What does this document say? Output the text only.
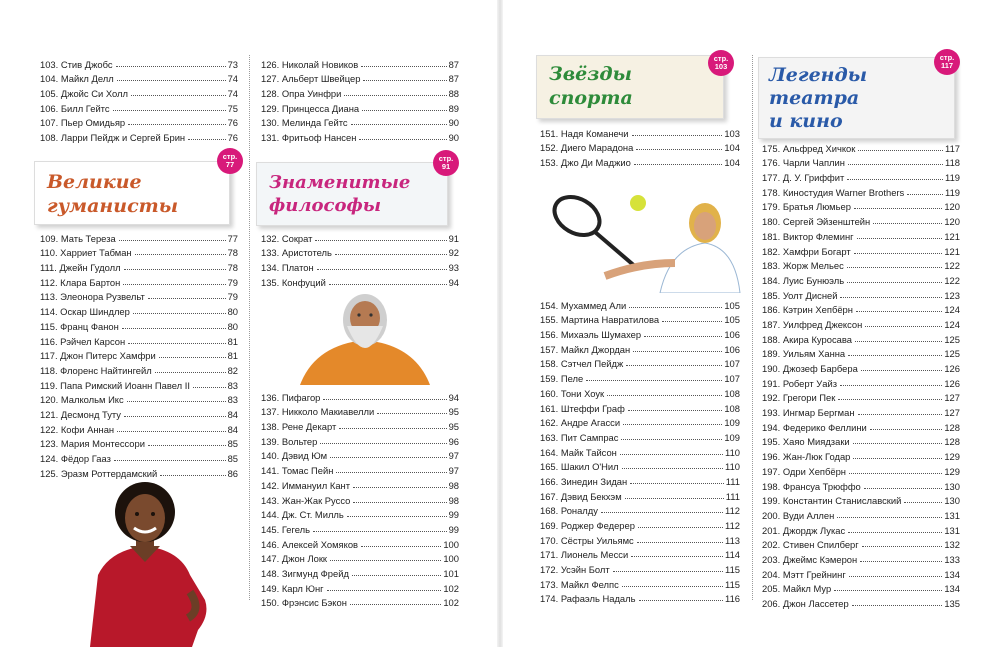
103. Стив Джобс	73
104. Майкл Делл	74
105. Джойс Си Холл	74
106. Билл Гейтс	75
107. Пьер Омидьяр	76
108. Ларри Пейдж и Сергей Брин	76
Великие
гуманисты
стр.
77
109. Мать Тереза	77
110. Харриет Табман	78
111. Джейн Гудолл	78
112. Клара Бартон	79
113. Элеонора Рузвельт	79
114. Оскар Шиндлер	80
115. Франц Фанон	80
116. Рэйчел Карсон	81
117. Джон Питерс Хамфри	81
118. Флоренс Найтингейл	82
119. Папа Римский Иоанн Павел II	83
120. Малкольм Икс	83
121. Десмонд Туту	84
122. Кофи Аннан	84
123. Мария Монтессори	85
124. Фёдор Гааз	85
125. Эразм Роттердамский	86
126. Николай Новиков	87
127. Альберт Швейцер	87
128. Опра Уинфри	88
129. Принцесса Диана	89
130. Мелинда Гейтс	90
131. Фритьоф Нансен	90
Знаменитые
философы
стр.
91
132. Сократ	91
133. Аристотель	92
134. Платон	93
135. Конфуций	94
136. Пифагор	94
137. Никколо Макиавелли	95
138. Рене Декарт	95
139. Вольтер	96
140. Дэвид Юм	97
141. Томас Пейн	97
142. Иммануил Кант	98
143. Жан-Жак Руссо	98
144. Дж. Ст. Милль	99
145. Гегель	99
146. Алексей Хомяков	100
147. Джон Локк	100
148. Зигмунд Фрейд	101
149. Карл Юнг	102
150. Фрэнсис Бэкон	102
Звёзды
спорта
стр.
103
151. Надя Команечи	103
152. Диего Марадона	104
153. Джо Ди Маджио	104
154. Мухаммед Али	105
155. Мартина Навратилова	105
156. Михаэль Шумахер	106
157. Майкл Джордан	106
158. Сэтчел Пейдж	107
159. Пеле	107
160. Тони Хоук	108
161. Штеффи Граф	108
162. Андре Агасси	109
163. Пит Сампрас	109
164. Майк Тайсон	110
165. Шакил О'Нил	110
166. Зинедин Зидан	111
167. Дэвид Бекхэм	111
168. Роналду	112
169. Роджер Федерер	112
170. Сёстры Уильямс	113
171. Лионель Месси	114
172. Усэйн Болт	115
173. Майкл Фелпс	115
174. Рафаэль Надаль	116
Легенды
театра
и кино
стр.
117
175. Альфред Хичкок	117
176. Чарли Чаплин	118
177. Д. У. Гриффит	119
178. Киностудия Warner Brothers	119
179. Братья Люмьер	120
180. Сергей Эйзенштейн	120
181. Виктор Флеминг	121
182. Хамфри Богарт	121
183. Жорж Мельес	122
184. Луис Бунюэль	122
185. Уолт Дисней	123
186. Кэтрин Хепбёрн	124
187. Уилфред Джексон	124
188. Акира Куросава	125
189. Уильям Ханна	125
190. Джозеф Барбера	126
191. Роберт Уайз	126
192. Грегори Пек	127
193. Ингмар Бергман	127
194. Федерико Феллини	128
195. Хаяо Миядзаки	128
196. Жан-Люк Годар	129
197. Одри Хепбёрн	129
198. Франсуа Трюффо	130
199. Константин Станиславский	130
200. Вуди Аллен	131
201. Джордж Лукас	131
202. Стивен Спилберг	132
203. Джеймс Кэмерон	133
204. Мэтт Грейнинг	134
205. Майкл Мур	134
206. Джон Лассетер	135
